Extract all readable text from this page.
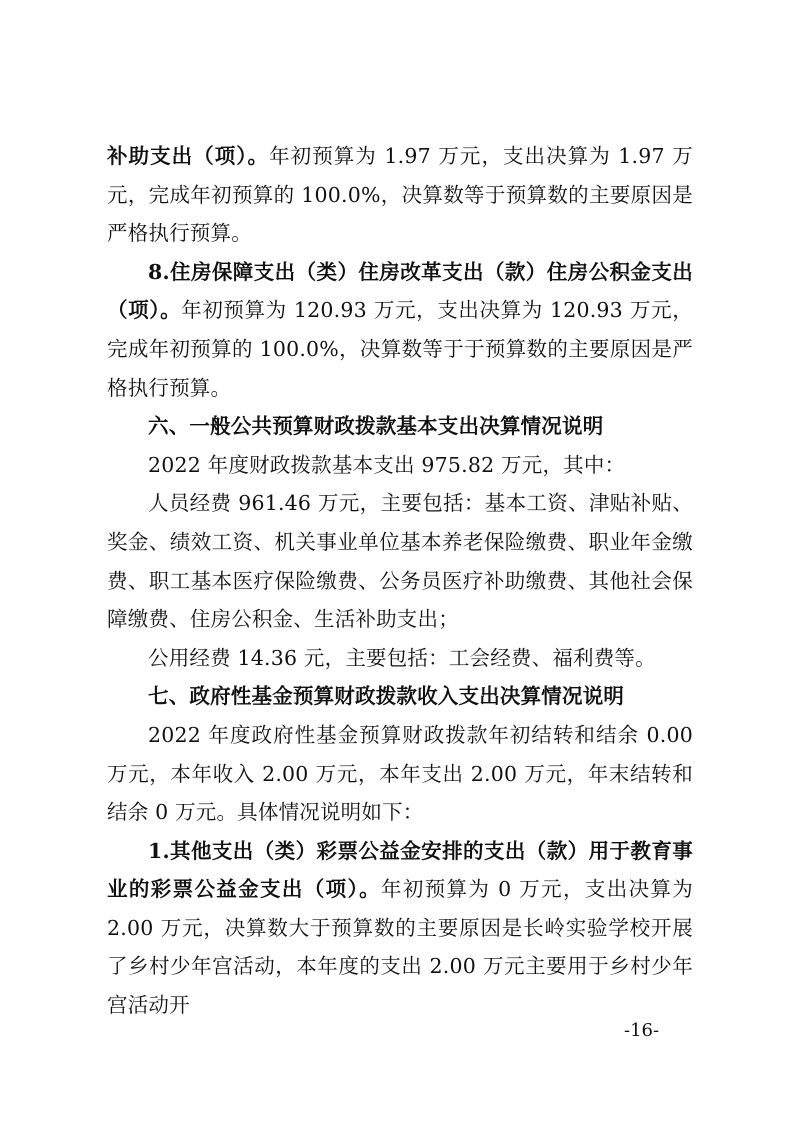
补助支出（项）。年初预算为 1.97 万元，支出决算为 1.97 万元，完成年初预算的 100.0%，决算数等于预算数的主要原因是严格执行预算。

8.住房保障支出（类）住房改革支出（款）住房公积金支出（项）。年初预算为 120.93 万元，支出决算为 120.93 万元，完成年初预算的 100.0%，决算数等于于预算数的主要原因是严格执行预算。

六、一般公共预算财政拨款基本支出决算情况说明

2022 年度财政拨款基本支出 975.82 万元，其中：

人员经费 961.46 万元，主要包括：基本工资、津贴补贴、奖金、绩效工资、机关事业单位基本养老保险缴费、职业年金缴费、职工基本医疗保险缴费、公务员医疗补助缴费、其他社会保障缴费、住房公积金、生活补助支出；

公用经费 14.36 元，主要包括：工会经费、福利费等。

七、政府性基金预算财政拨款收入支出决算情况说明

2022 年度政府性基金预算财政拨款年初结转和结余 0.00 万元，本年收入 2.00 万元，本年支出 2.00 万元，年末结转和结余 0 万元。具体情况说明如下：

1.其他支出（类）彩票公益金安排的支出（款）用于教育事业的彩票公益金支出（项）。年初预算为 0 万元，支出决算为 2.00 万元，决算数大于预算数的主要原因是长岭实验学校开展了乡村少年宫活动，本年度的支出 2.00 万元主要用于乡村少年宫活动开

-16-
